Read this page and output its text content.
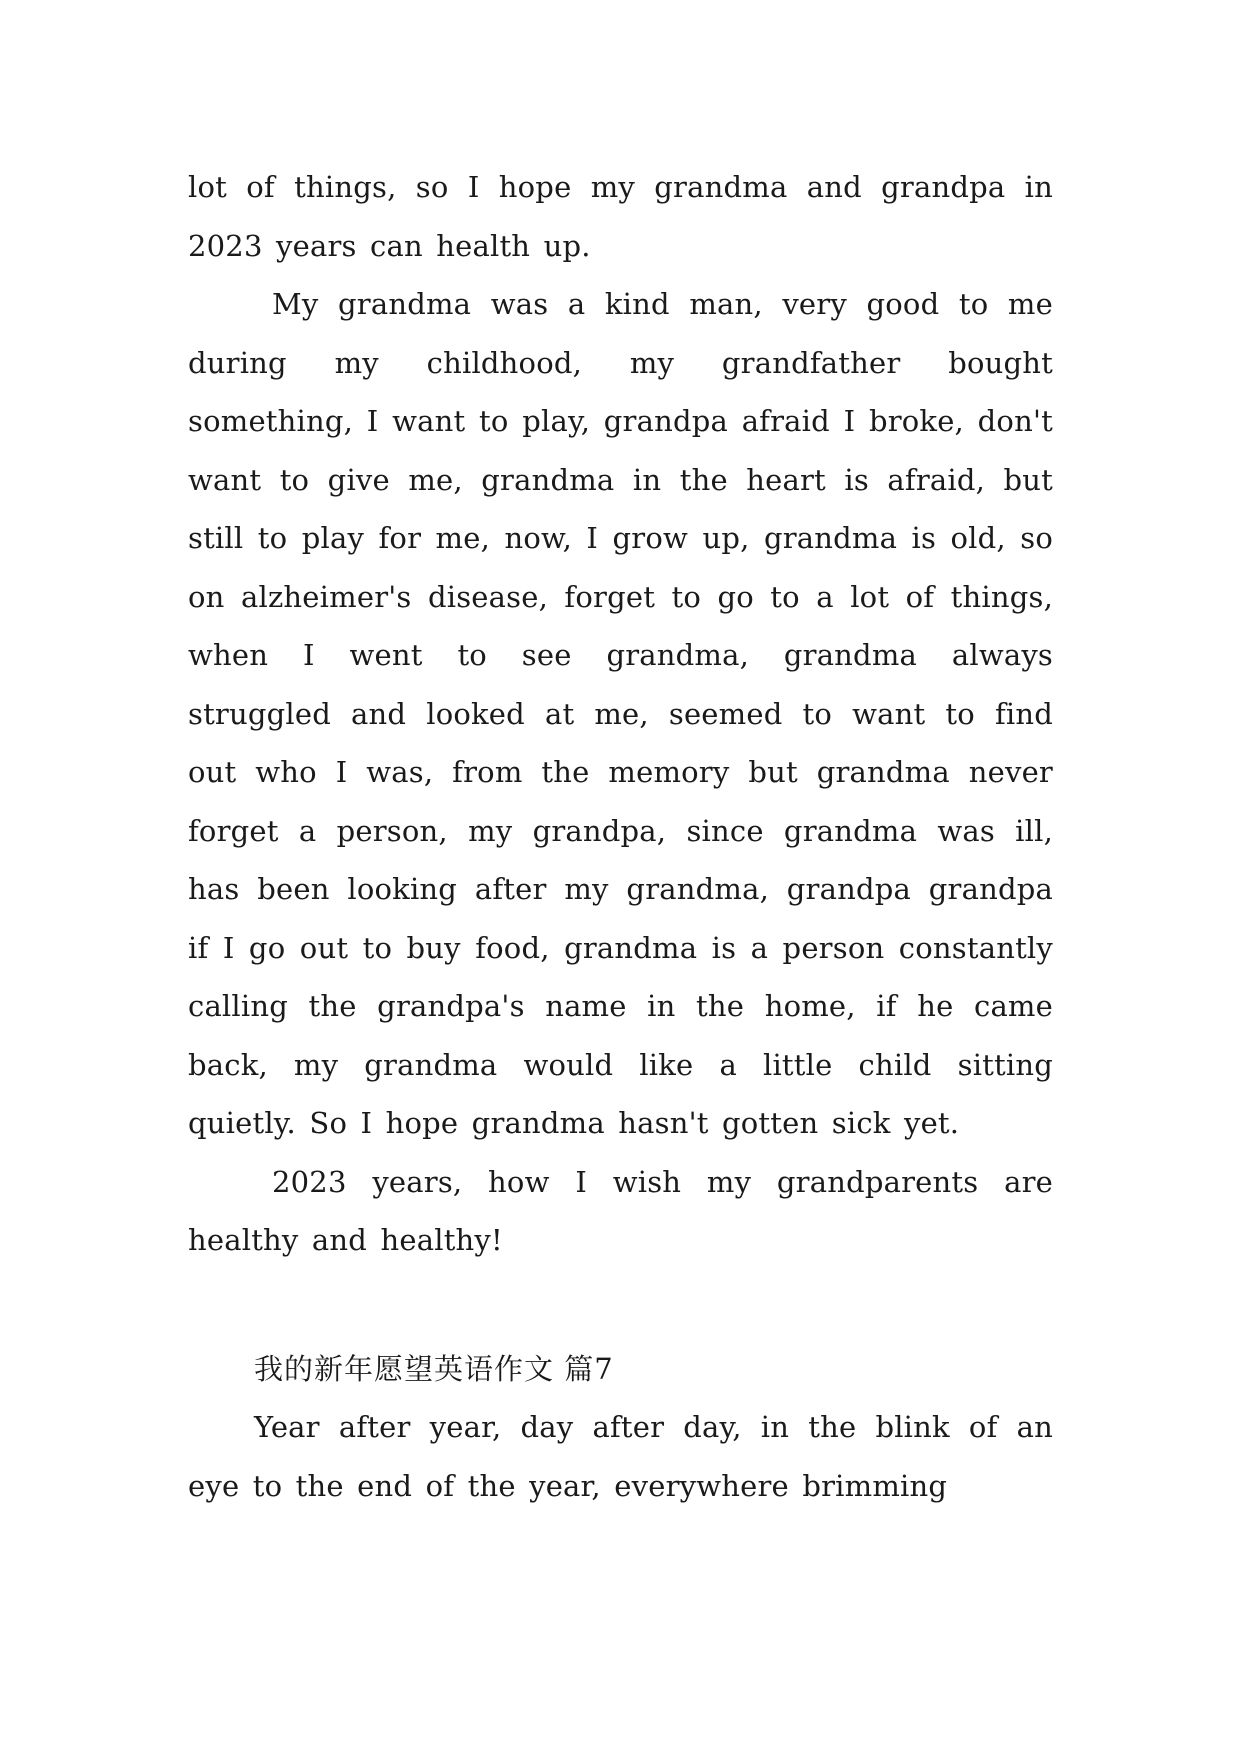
lot of things, so I hope my grandma and grandpa in 2023 years can health up.

My grandma was a kind man, very good to me during my childhood, my grandfather bought something, I want to play, grandpa afraid I broke, don't want to give me, grandma in the heart is afraid, but still to play for me, now, I grow up, grandma is old, so on alzheimer's disease, forget to go to a lot of things, when I went to see grandma, grandma always struggled and looked at me, seemed to want to find out who I was, from the memory but grandma never forget a person, my grandpa, since grandma was ill, has been looking after my grandma, grandpa grandpa if I go out to buy food, grandma is a person constantly calling the grandpa's name in the home, if he came back, my grandma would like a little child sitting quietly. So I hope grandma hasn't gotten sick yet.

2023 years, how I wish my grandparents are healthy and healthy!

我的新年愿望英语作文 篇7

Year after year, day after day, in the blink of an eye to the end of the year, everywhere brimming
